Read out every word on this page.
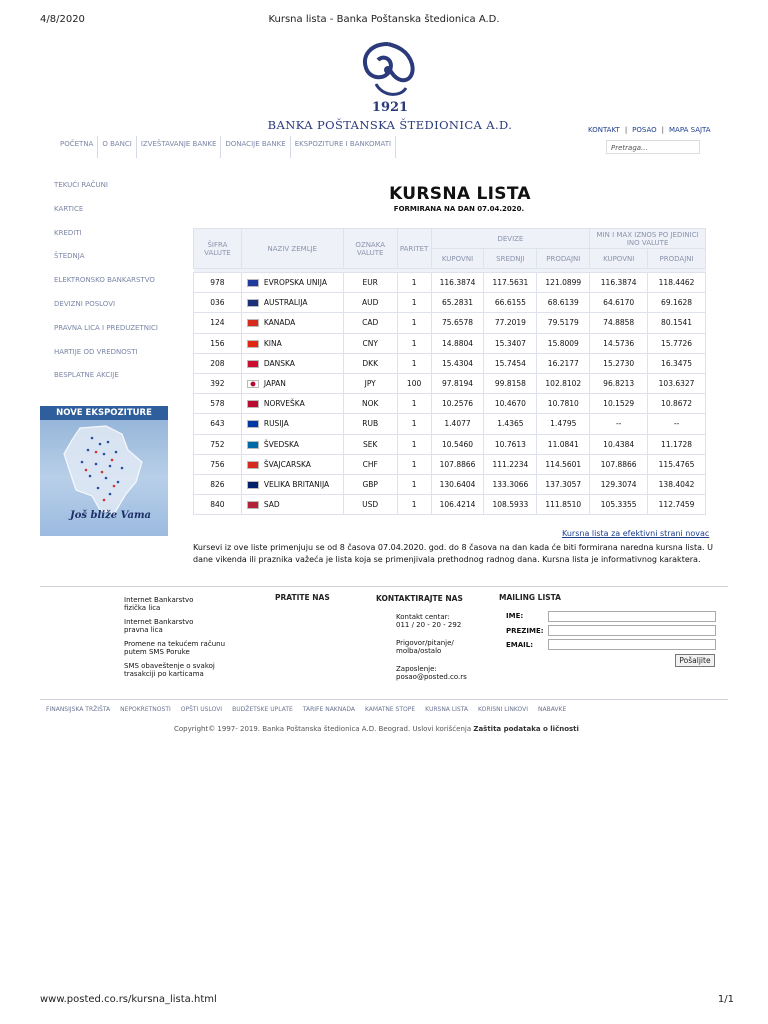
4/8/2020	Kursna lista - Banka Poštanska štedionica A.D.
1921
BANKA POŠTANSKA ŠTEDIONICA A.D.	KONTAKT | POSAO | MAPA SAJTA
POČETNA	O BANCI	IZVEŠTAVANJE BANKE	DONACIJE BANKE	EKSPOZITURE I BANKOMATI	Pretraga...
TEKUĆI RAČUNI
KARTICE
KREDITI
ŠTEDNJA
ELEKTRONSKO BANKARSTVO
DEVIZNI POSLOVI
PRAVNA LICA I PREDUZETNICI
HARTIJE OD VREDNOSTI
BESPLATNE AKCIJE
NOVE EKSPOZITURE
Još bliže Vama
KURSNA LISTA
FORMIRANA NA DAN 07.04.2020.
ŠIFRA VALUTE	NAZIV ZEMLJE	OZNAKA VALUTE	PARITET	DEVIZE			MIN I MAX IZNOS PO JEDINICI INO VALUTE	
				KUPOVNI	SREDNJI	PRODAJNI	KUPOVNI	PRODAJNI

978	EVROPSKA UNIJA	EUR	1	116.3874	117.5631	121.0899	116.3874	118.4462
036	AUSTRALIJA	AUD	1	65.2831	66.6155	68.6139	64.6170	69.1628
124	KANADA	CAD	1	75.6578	77.2019	79.5179	74.8858	80.1541
156	KINA	CNY	1	14.8804	15.3407	15.8009	14.5736	15.7726
208	DANSKA	DKK	1	15.4304	15.7454	16.2177	15.2730	16.3475
392	JAPAN	JPY	100	97.8194	99.8158	102.8102	96.8213	103.6327
578	NORVEŠKA	NOK	1	10.2576	10.4670	10.7810	10.1529	10.8672
643	RUSIJA	RUB	1	1.4077	1.4365	1.4795	--	--
752	ŠVEDSKA	SEK	1	10.5460	10.7613	11.0841	10.4384	11.1728
756	ŠVAJCARSKA	CHF	1	107.8866	111.2234	114.5601	107.8866	115.4765
826	VELIKA BRITANIJA	GBP	1	130.6404	133.3066	137.3057	129.3074	138.4042
840	SAD	USD	1	106.4214	108.5933	111.8510	105.3355	112.7459
Kursna lista za efektivni strani novac
Kursevi iz ove liste primenjuju se od 8 časova 07.04.2020. god. do 8 časova na dan kada će biti formirana naredna kursna lista. U dane vikenda ili praznika važeća je lista koja se primenjivala prethodnog radnog dana. Kursna lista je informativnog karaktera.
Internet Bankarstvo
fizička lica
Internet Bankarstvo
pravna lica
Promene na tekućem računu
putem SMS Poruke
SMS obaveštenje o svakoj
trasakciji po karticama
PRATITE NAS	KONTAKTIRAJTE NAS
Kontakt centar:
011 / 20 - 20 - 292
Prigovor/pitanje/
molba/ostalo
Zaposlenje:
posao@posted.co.rs
MAILING LISTA
IME:
PREZIME:
EMAIL:
Pošaljite
FINANSIJSKA TRŽIŠTA NEPOKRETNOSTI OPŠTI USLOVI BUDŽETSKE UPLATE TARIFE NAKNADA KAMATNE STOPE KURSNA LISTA KORISNI LINKOVI NABAVKE
Copyright© 1997- 2019. Banka Poštanska štedionica A.D. Beograd. Uslovi korišćenja Zaštita podataka o ličnosti
www.posted.co.rs/kursna_lista.html	1/1
